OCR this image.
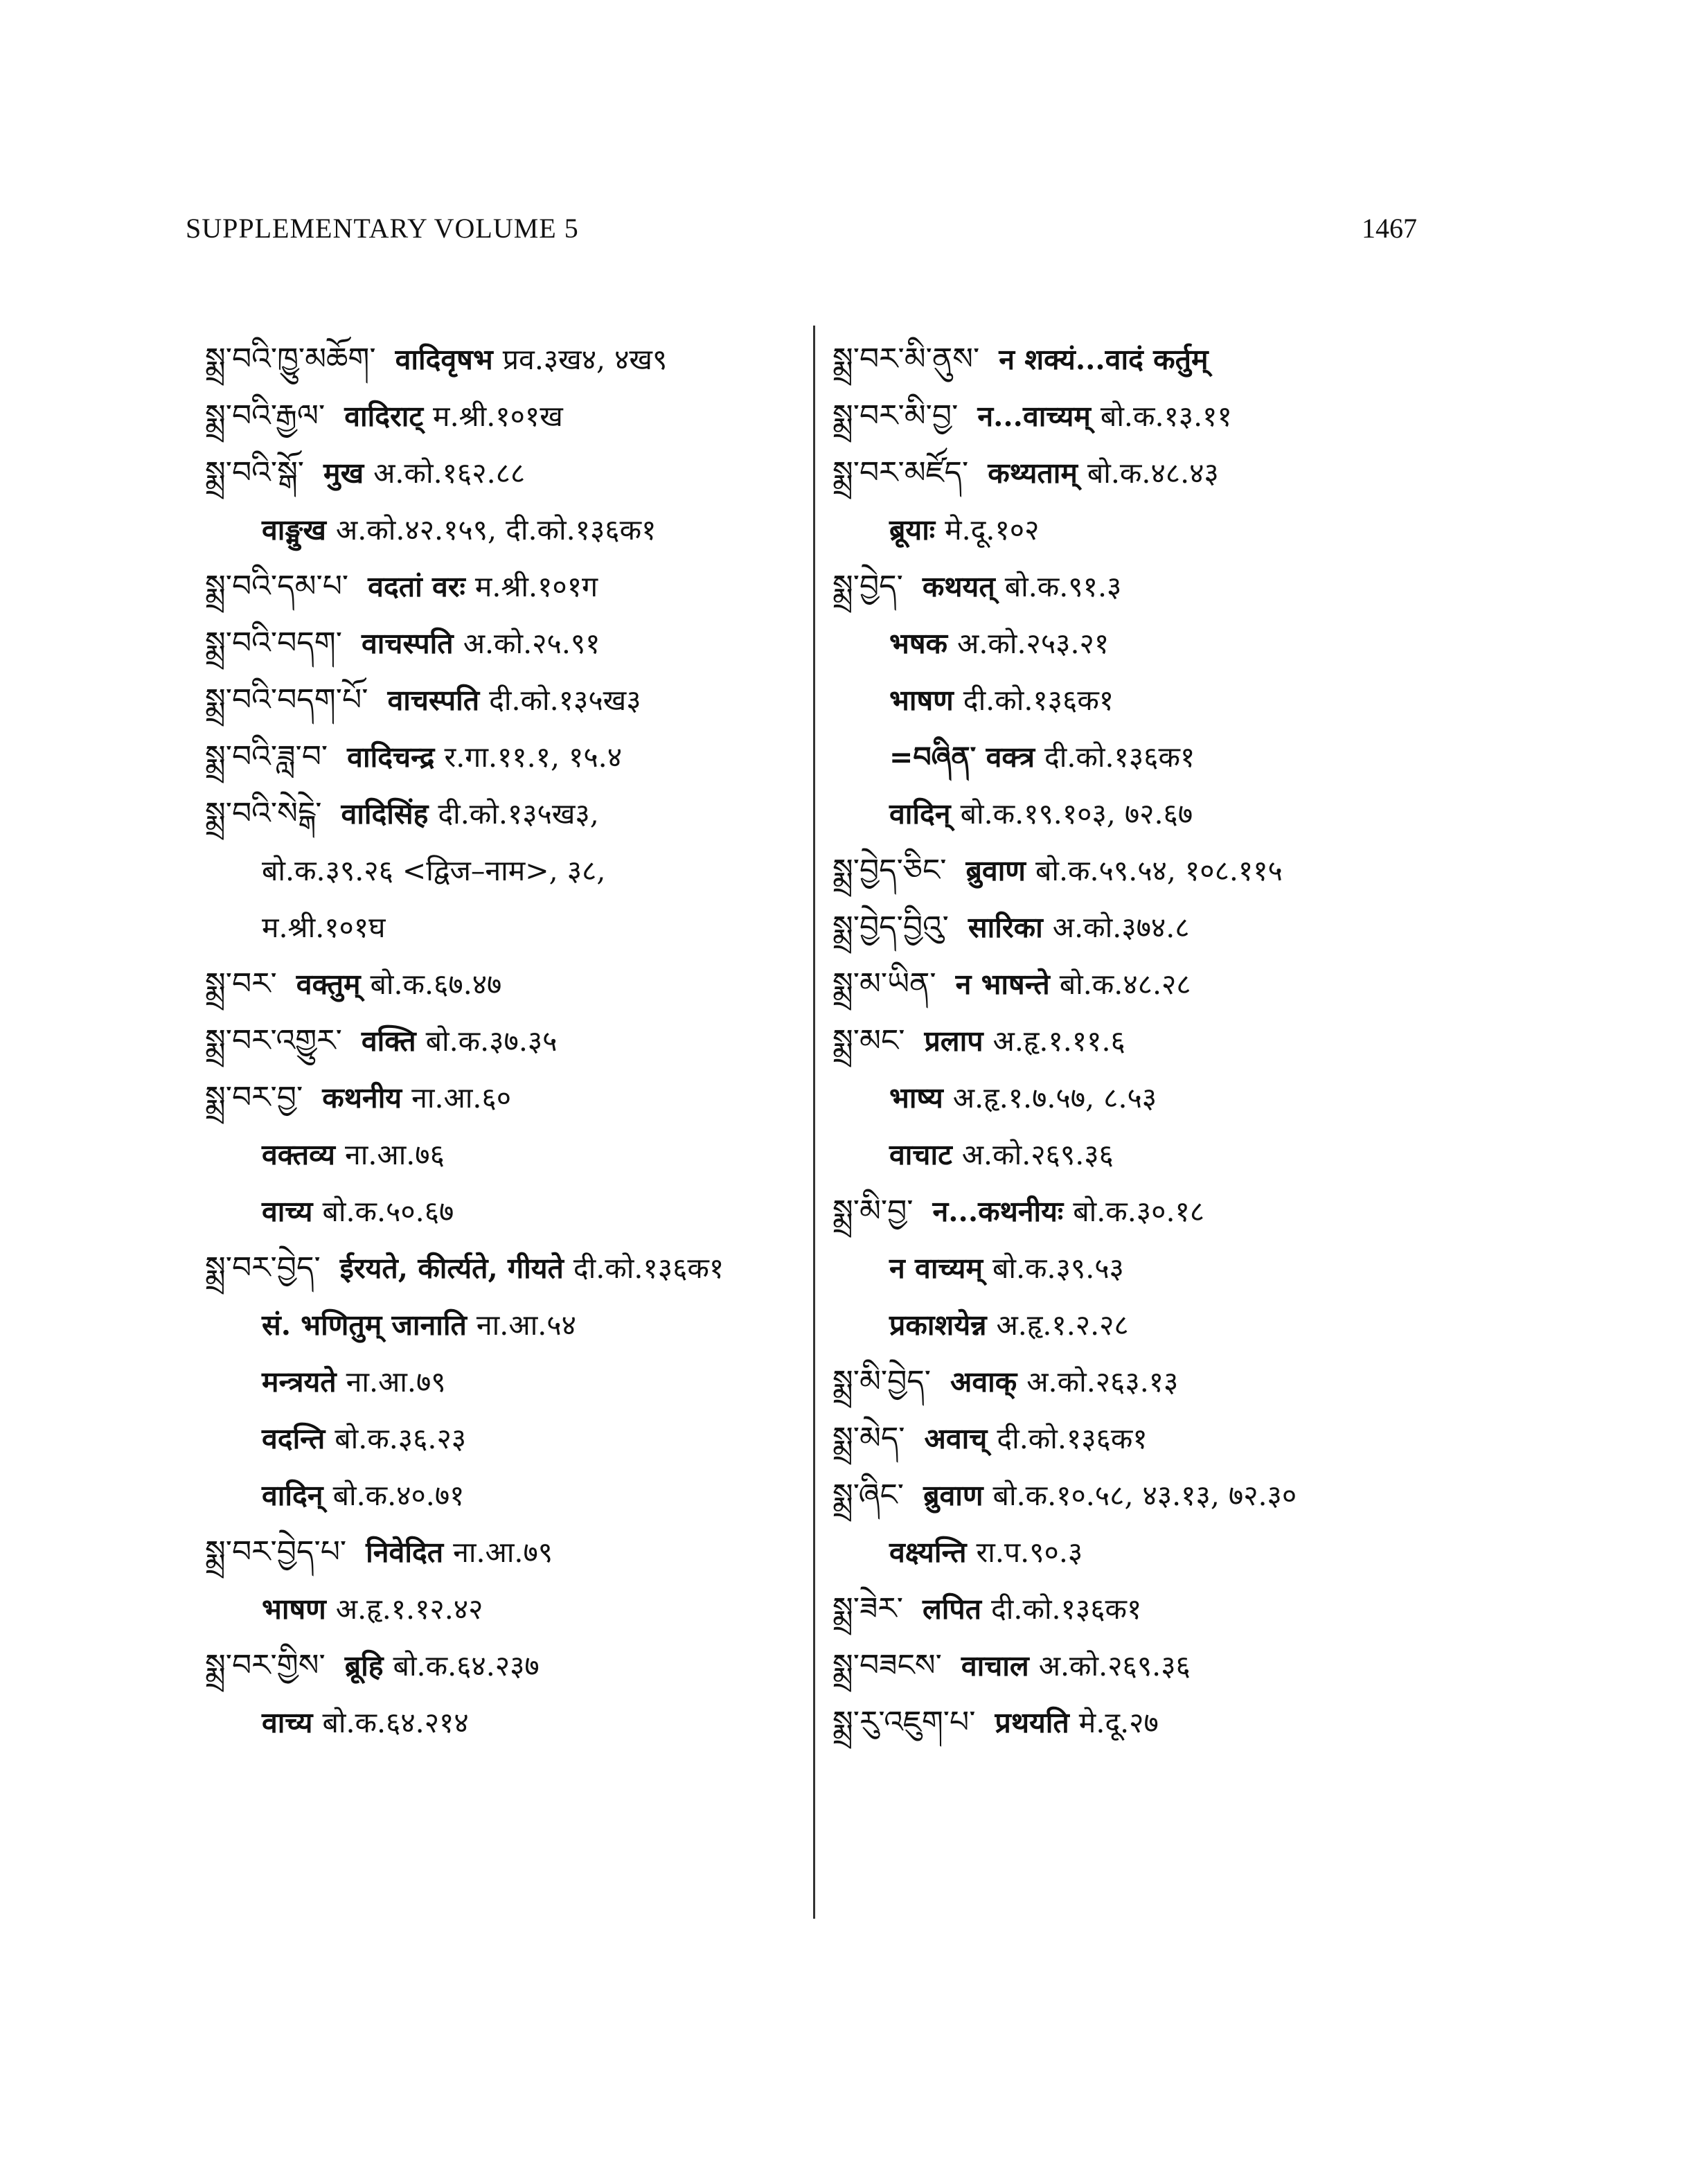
SUPPLEMENTARY VOLUME 5	1467
སྨྲ་བའི་ཁྱུ་མཆོག་ वादिवृषभ प्रव.३ख४, ४ख९
སྨྲ་བའི་རྒྱལ་ वादिराट् म.श्री.१०१ख
སྨྲ་བའི་སྒོ་ मुख अ.को.१६२.८८
वाङ्मुख अ.को.४२.१५९, दी.को.१३६क१
སྨྲ་བའི་དམ་པ་ वदतां वरः म.श्री.१०१ग
སྨྲ་བའི་བདག་ वाचस्पति अ.को.२५.९१
སྨྲ་བའི་བདག་པོ་ वाचस्पति दी.को.१३५ख३
སྨྲ་བའི་ཟླ་བ་ वादिचन्द्र र.गा.११.१, १५.४
སྨྲ་བའི་སེངྒེ་ वादिसिंह दी.को.१३५ख३,
बो.क.३९.२६ <द्विज–नाम>, ३८,
म.श्री.१०१घ
སྨྲ་བར་ वक्तुम् बो.क.६७.४७
སྨྲ་བར་འགྱུར་ वक्ति बो.क.३७.३५
སྨྲ་བར་བྱ་ कथनीय ना.आ.६०
वक्तव्य ना.आ.७६
वाच्य बो.क.५०.६७
སྨྲ་བར་བྱེད་ ईरयते, कीर्त्यते, गीयते दी.को.१३६क१
सं. भणितुम् जानाति ना.आ.५४
मन्त्रयते ना.आ.७९
वदन्ति बो.क.३६.२३
वादिन् बो.क.४०.७१
སྨྲ་བར་བྱེད་པ་ निवेदित ना.आ.७९
भाषण अ.हृ.१.१२.४२
སྨྲ་བར་གྱིས་ ब्रूहि बो.क.६४.२३७
वाच्य बो.क.६४.२१४
སྨྲ་བར་མི་ནུས་ न शक्यं...वादं कर्तुम्
སྨྲ་བར་མི་བྱ་ न...वाच्यम् बो.क.१३.११
སྨྲ་བར་མཛོད་ कथ्यताम् बो.क.४८.४३
ब्रूयाः मे.दू.१०२
སྨྲ་བྱེད་ कथयत् बो.क.९१.३
भषक अ.को.२५३.२१
भाषण दी.को.१३६क१
=བཞིན་ वक्त्र दी.को.१३६क१
वादिन् बो.क.१९.१०३, ७२.६७
སྨྲ་བྱེད་ཅིང་ ब्रुवाण बो.क.५९.५४, १०८.११५
སྨྲ་བྱེད་བྱིའུ་ सारिका अ.को.३७४.८
སྨྲ་མ་ཡིན་ न भाषन्ते बो.क.४८.२८
སྨྲ་མང་ प्रलाप अ.हृ.१.११.६
भाष्य अ.हृ.१.७.५७, ८.५३
वाचाट अ.को.२६९.३६
སྨྲ་མི་བྱ་ न...कथनीयः बो.क.३०.१८
न वाच्यम् बो.क.३९.५३
प्रकाशयेन्न अ.हृ.१.२.२८
སྨྲ་མི་བྱེད་ अवाक् अ.को.२६३.१३
སྨྲ་མེད་ अवाच् दी.को.१३६क१
སྨྲ་ཞིང་ ब्रुवाण बो.क.१०.५८, ४३.१३, ७२.३०
वक्ष्यन्ति रा.प.९०.३
སྨྲ་ཟེར་ लपित दी.को.१३६क१
སྨྲ་བཟངས་ वाचाल अ.को.२६९.३६
སྨྲ་རུ་འཇུག་པ་ प्रथयति मे.दू.२७
